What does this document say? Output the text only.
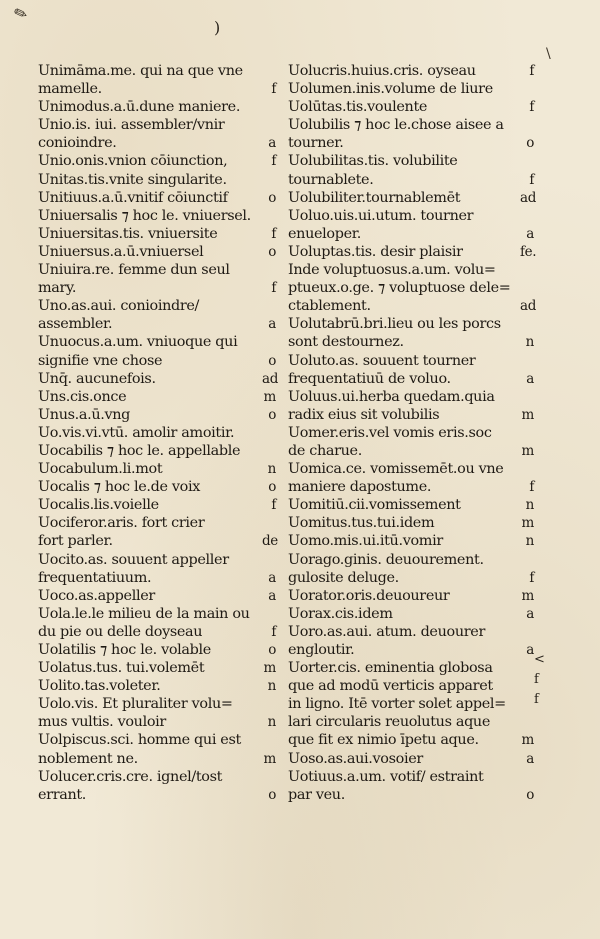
✎
)
\
Unimāma.me. qui na que vne
mamelle.	f
Unimodus.a.ū.dune maniere.
Unio.is. iui. assembler/vnir
conioindre.	a
Unio.onis.vnion cōiunction,	f
Unitas.tis.vnite singularite.
Unitiuus.a.ū.vnitif cōiunctif	o
Uniuersalis ⁊ hoc le. vniuersel.
Uniuersitas.tis. vniuersite	f
Uniuersus.a.ū.vniuersel	o
Uniuira.re. femme dun seul
mary.	f
Uno.as.aui. conioindre/
assembler.	a
Unuocus.a.um. vniuoque qui
signifie vne chose	o
Unq̄. aucunefois.	ad
Uns.cis.once	m
Unus.a.ū.vng	o
Uo.vis.vi.vtū. amolir amoitir.
Uocabilis ⁊ hoc le. appellable
Uocabulum.li.mot	n
Uocalis ⁊ hoc le.de voix	o
Uocalis.lis.voielle	f
Uociferor.aris. fort crier
fort parler.	de
Uocito.as. souuent appeller
frequentatiuum.	a
Uoco.as.appeller	a
Uola.le.le milieu de la main ou
du pie ou delle doyseau	f
Uolatilis ⁊ hoc le. volable	o
Uolatus.tus. tui.volemēt	m
Uolito.tas.voleter.	n
Uolo.vis. Et pluraliter volu=
mus vultis. vouloir	n
Uolpiscus.sci. homme qui est
noblement ne.	m
Uolucer.cris.cre. ignel/tost
errant.	o
Uolucris.huius.cris. oyseau	f
Uolumen.inis.volume de liure
Uolūtas.tis.voulente	f
Uolubilis ⁊ hoc le.chose aisee a
tourner.	o
Uolubilitas.tis. volubilite
tournablete.	f
Uolubiliter.tournablemēt	ad
Uoluo.uis.ui.utum. tourner
enueloper.	a
Uoluptas.tis. desir plaisir	fe.
Inde voluptuosus.a.um. volu=
ptueux.o.ge. ⁊ voluptuose dele=
ctablement.	ad
Uolutabrū.bri.lieu ou les porcs
sont destournez.	n
Uoluto.as. souuent tourner
frequentatiuū de voluo.	a
Uoluus.ui.herba quedam.quia
radix eius sit volubilis	m
Uomer.eris.vel vomis eris.soc
de charue.	m
Uomica.ce. vomissemēt.ou vne
maniere dapostume.	f
Uomitiū.cii.vomissement	n
Uomitus.tus.tui.idem	m
Uomo.mis.ui.itū.vomir	n
Uorago.ginis. deuourement.
gulosite deluge.	f
Uorator.oris.deuoureur	m
Uorax.cis.idem	a
Uoro.as.aui. atum. deuourer
engloutir.	a
Uorter.cis. eminentia globosa
que ad modū verticis apparet
in ligno. Itē vorter solet appel=
lari circularis reuolutus aque
que fit ex nimio īpetu aque.	m
Uoso.as.aui.vosoier	a
Uotiuus.a.um. votif/ estraint
par veu.	o
<
f
f
